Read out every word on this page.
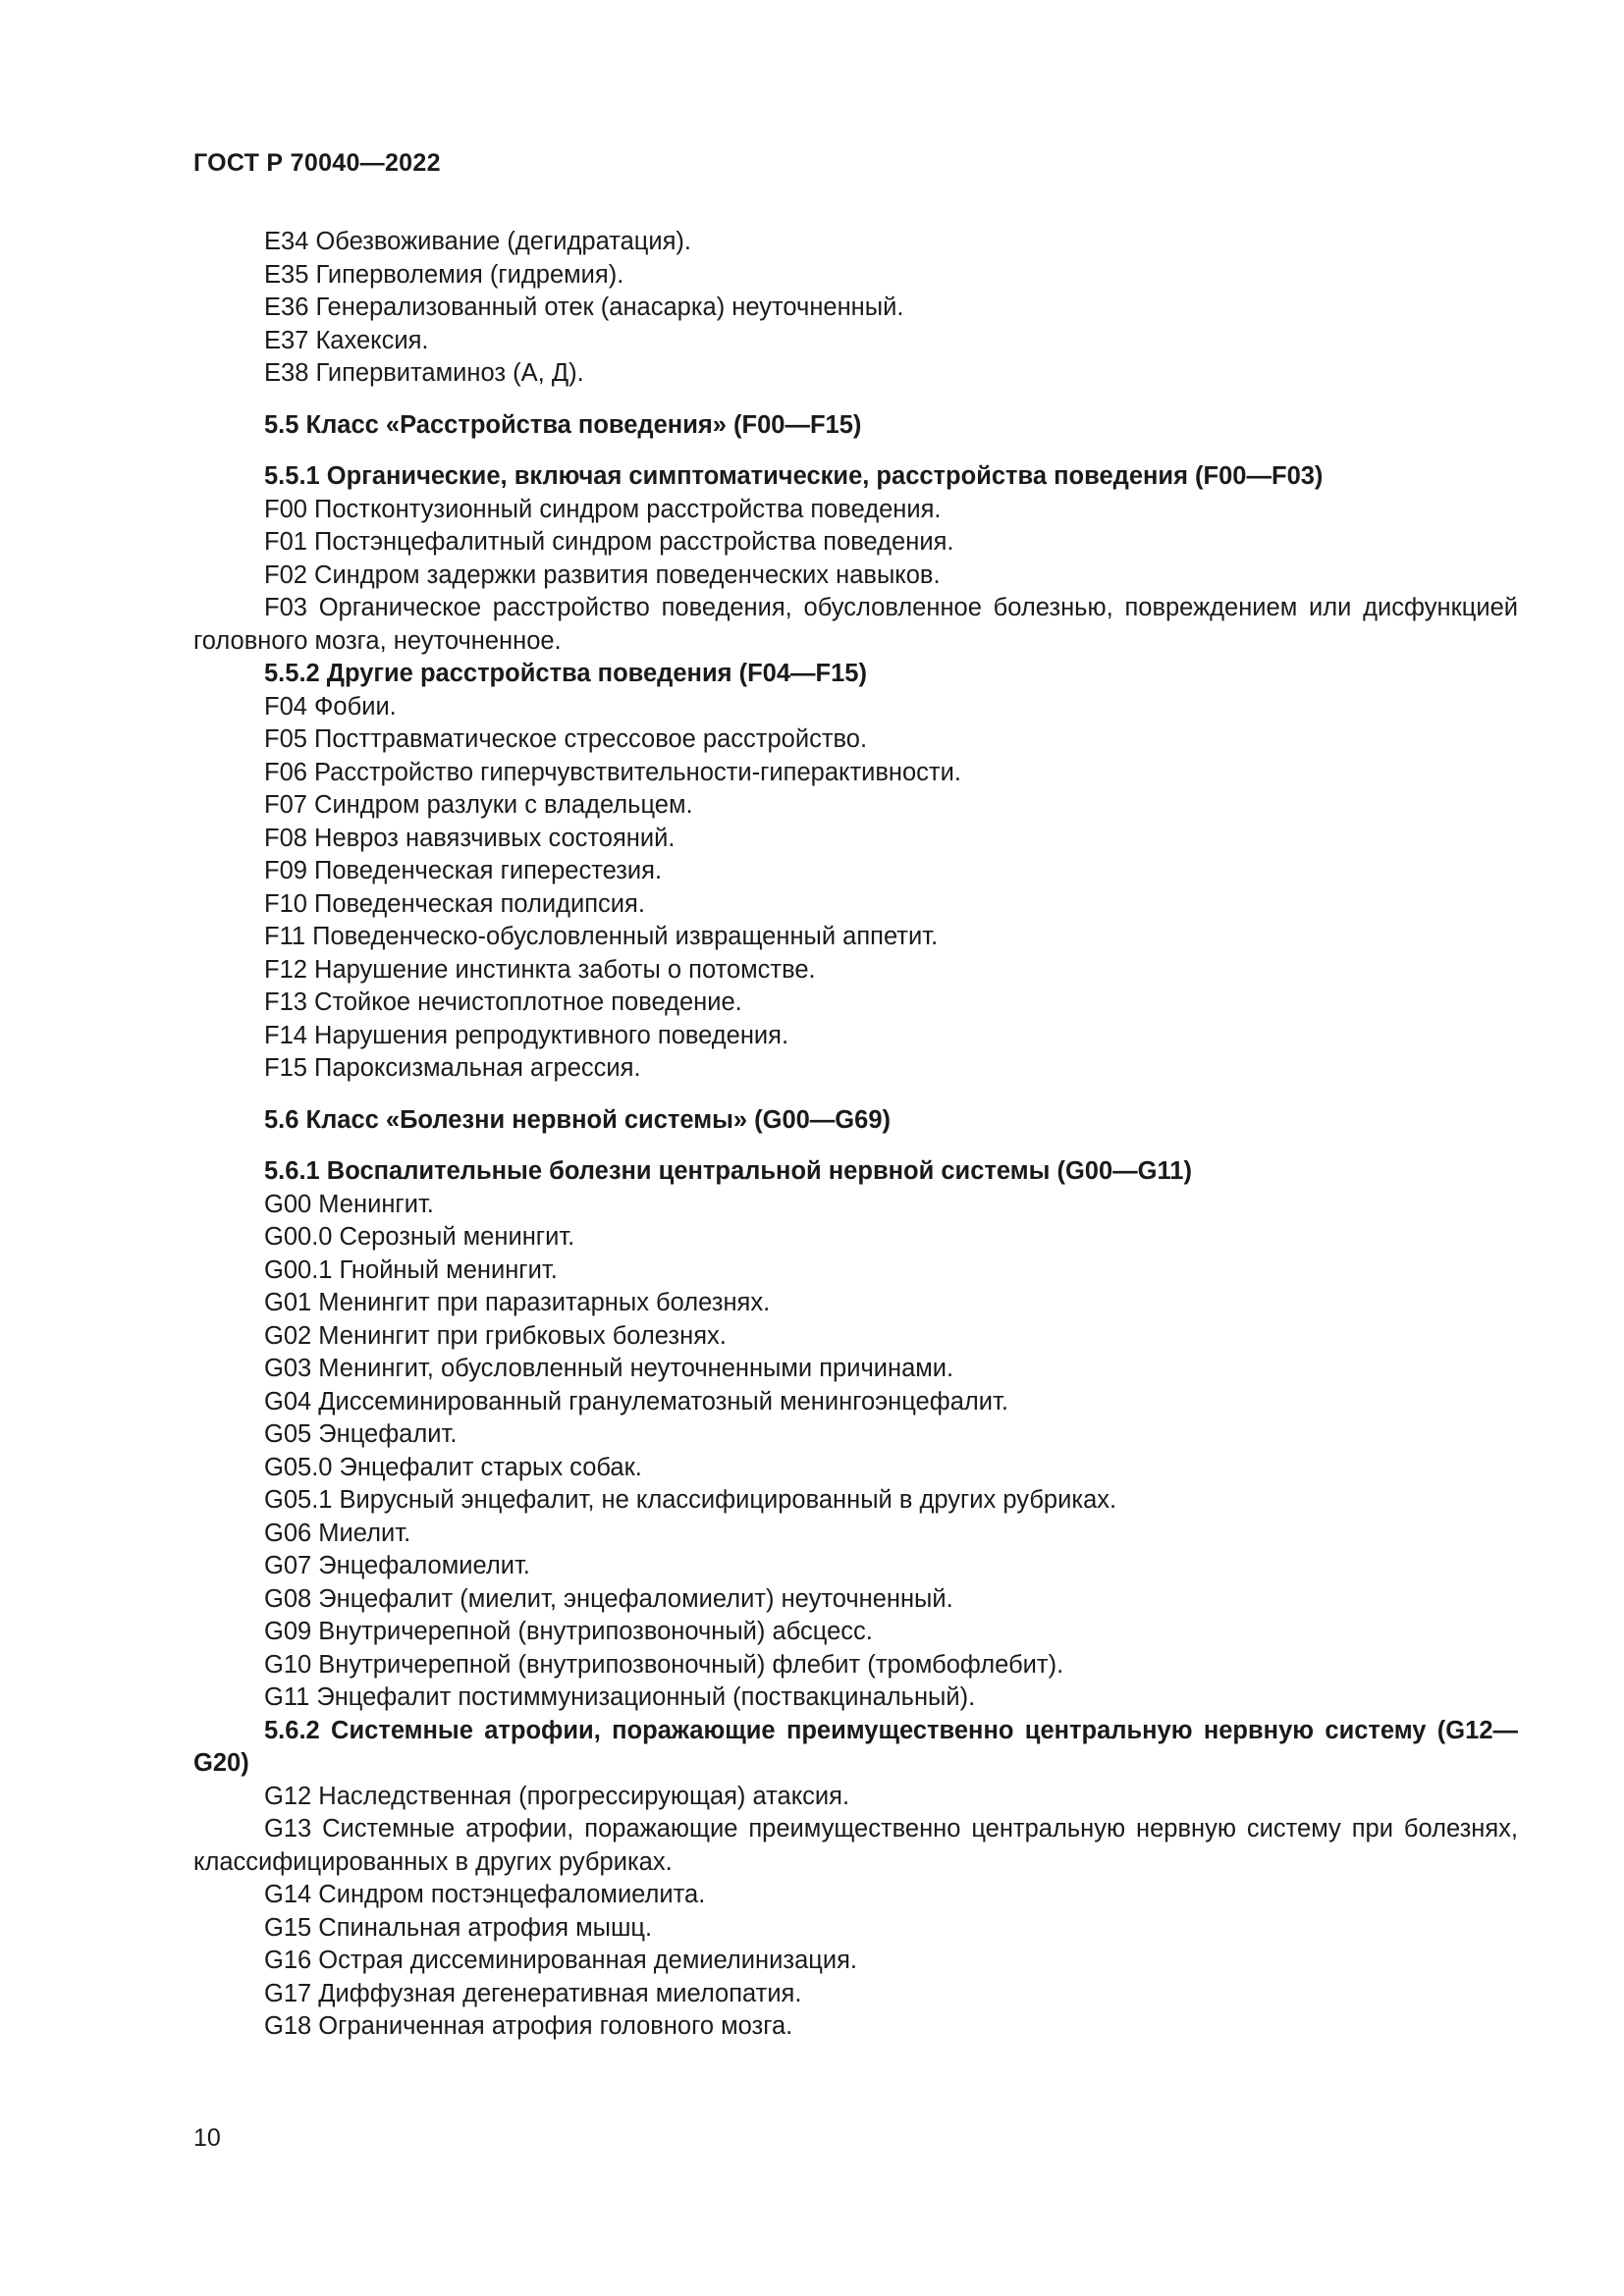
ГОСТ Р 70040—2022
E34 Обезвоживание (дегидратация).
E35 Гиперволемия (гидремия).
E36 Генерализованный отек (анасарка) неуточненный.
E37 Кахексия.
E38 Гипервитаминоз (А, Д).
5.5 Класс «Расстройства поведения» (F00—F15)
5.5.1 Органические, включая симптоматические, расстройства поведения (F00—F03)
F00 Постконтузионный синдром расстройства поведения.
F01 Постэнцефалитный синдром расстройства поведения.
F02 Синдром задержки развития поведенческих навыков.
F03 Органическое расстройство поведения, обусловленное болезнью, повреждением или дисфункцией головного мозга, неуточненное.
5.5.2 Другие расстройства поведения (F04—F15)
F04 Фобии.
F05 Посттравматическое стрессовое расстройство.
F06 Расстройство гиперчувствительности-гиперактивности.
F07 Синдром разлуки с владельцем.
F08 Невроз навязчивых состояний.
F09 Поведенческая гиперестезия.
F10 Поведенческая полидипсия.
F11 Поведенческо-обусловленный извращенный аппетит.
F12 Нарушение инстинкта заботы о потомстве.
F13 Стойкое нечистоплотное поведение.
F14 Нарушения репродуктивного поведения.
F15 Пароксизмальная агрессия.
5.6 Класс «Болезни нервной системы» (G00—G69)
5.6.1 Воспалительные болезни центральной нервной системы (G00—G11)
G00 Менингит.
G00.0 Серозный менингит.
G00.1 Гнойный менингит.
G01 Менингит при паразитарных болезнях.
G02 Менингит при грибковых болезнях.
G03 Менингит, обусловленный неуточненными причинами.
G04 Диссеминированный гранулематозный менингоэнцефалит.
G05 Энцефалит.
G05.0 Энцефалит старых собак.
G05.1 Вирусный энцефалит, не классифицированный в других рубриках.
G06 Миелит.
G07 Энцефаломиелит.
G08 Энцефалит (миелит, энцефаломиелит) неуточненный.
G09 Внутричерепной (внутрипозвоночный) абсцесс.
G10 Внутричерепной (внутрипозвоночный) флебит (тромбофлебит).
G11 Энцефалит постиммунизационный (поствакцинальный).
5.6.2 Системные атрофии, поражающие преимущественно центральную нервную систему (G12—G20)
G12 Наследственная (прогрессирующая) атаксия.
G13 Системные атрофии, поражающие преимущественно центральную нервную систему при болезнях, классифицированных в других рубриках.
G14 Синдром постэнцефаломиелита.
G15 Спинальная атрофия мышц.
G16 Острая диссеминированная демиелинизация.
G17 Диффузная дегенеративная миелопатия.
G18 Ограниченная атрофия головного мозга.
10
